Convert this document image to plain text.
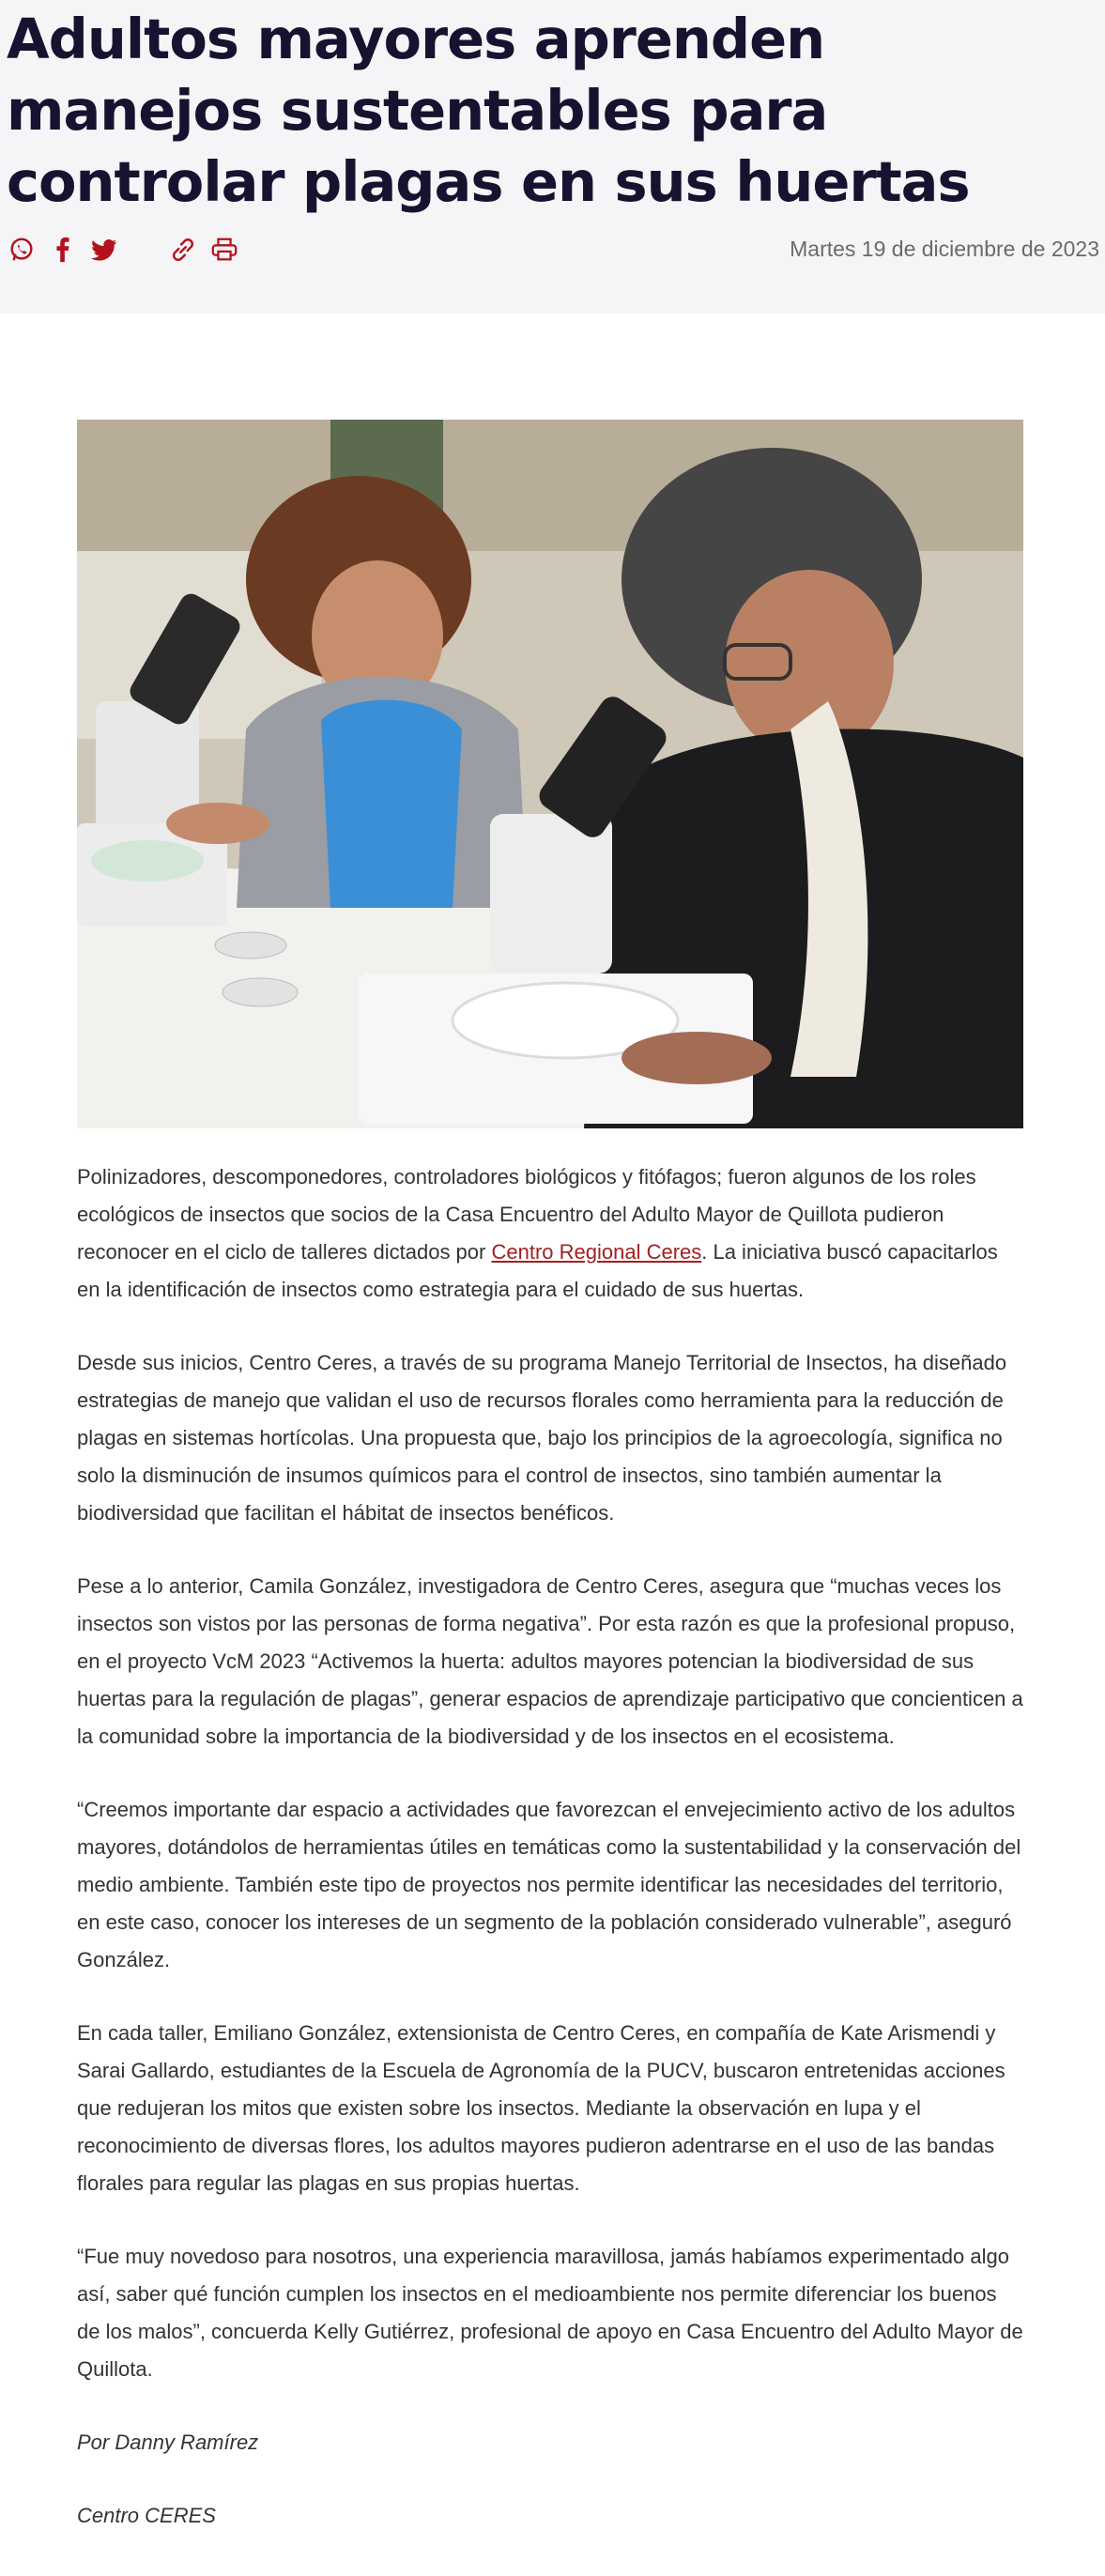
Adultos mayores aprenden manejos sustentables para controlar plagas en sus huertas
Martes 19 de diciembre de 2023

Polinizadores, descomponedores, controladores biológicos y fitófagos; fueron algunos de los roles ecológicos de insectos que socios de la Casa Encuentro del Adulto Mayor de Quillota pudieron reconocer en el ciclo de talleres dictados por Centro Regional Ceres. La iniciativa buscó capacitarlos en la identificación de insectos como estrategia para el cuidado de sus huertas.

Desde sus inicios, Centro Ceres, a través de su programa Manejo Territorial de Insectos, ha diseñado estrategias de manejo que validan el uso de recursos florales como herramienta para la reducción de plagas en sistemas hortícolas. Una propuesta que, bajo los principios de la agroecología, significa no solo la disminución de insumos químicos para el control de insectos, sino también aumentar la biodiversidad que facilitan el hábitat de insectos benéficos.

Pese a lo anterior, Camila González, investigadora de Centro Ceres, asegura que “muchas veces los insectos son vistos por las personas de forma negativa”. Por esta razón es que la profesional propuso, en el proyecto VcM 2023 “Activemos la huerta: adultos mayores potencian la biodiversidad de sus huertas para la regulación de plagas”, generar espacios de aprendizaje participativo que concienticen a la comunidad sobre la importancia de la biodiversidad y de los insectos en el ecosistema.

“Creemos importante dar espacio a actividades que favorezcan el envejecimiento activo de los adultos mayores, dotándolos de herramientas útiles en temáticas como la sustentabilidad y la conservación del medio ambiente. También este tipo de proyectos nos permite identificar las necesidades del territorio, en este caso, conocer los intereses de un segmento de la población considerado vulnerable”, aseguró González.

En cada taller, Emiliano González, extensionista de Centro Ceres, en compañía de Kate Arismendi y Sarai Gallardo, estudiantes de la Escuela de Agronomía de la PUCV, buscaron entretenidas acciones que redujeran los mitos que existen sobre los insectos. Mediante la observación en lupa y el reconocimiento de diversas flores, los adultos mayores pudieron adentrarse en el uso de las bandas florales para regular las plagas en sus propias huertas.

“Fue muy novedoso para nosotros, una experiencia maravillosa, jamás habíamos experimentado algo así, saber qué función cumplen los insectos en el medioambiente nos permite diferenciar los buenos de los malos”, concuerda Kelly Gutiérrez, profesional de apoyo en Casa Encuentro del Adulto Mayor de Quillota.

Por Danny Ramírez

Centro CERES
